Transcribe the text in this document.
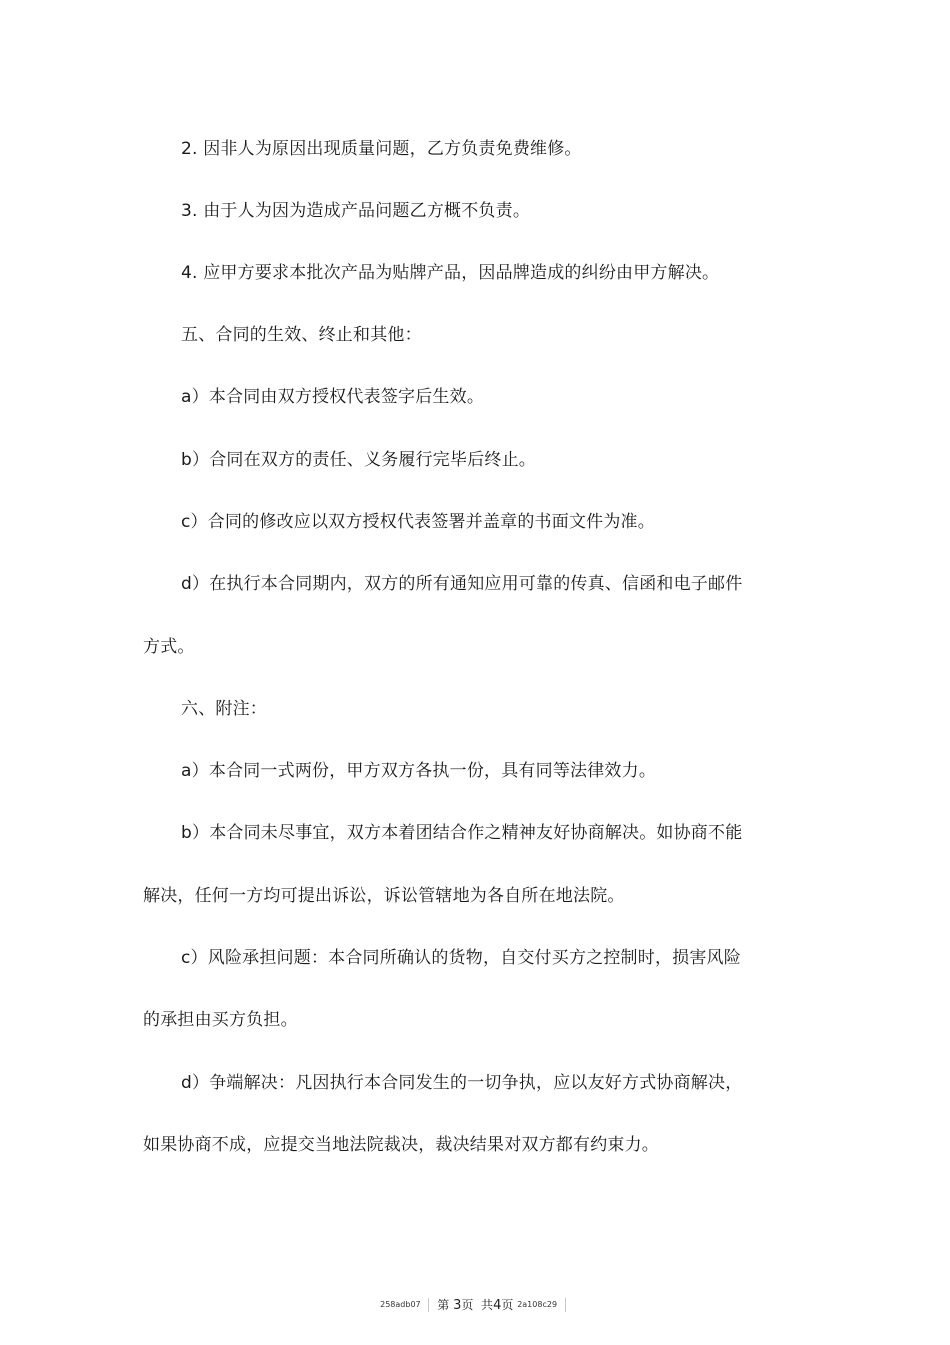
2. 因非人为原因出现质量问题，乙方负责免费维修。
3. 由于人为因为造成产品问题乙方概不负责。
4. 应甲方要求本批次产品为贴牌产品，因品牌造成的纠纷由甲方解决。
五、合同的生效、终止和其他：
a）本合同由双方授权代表签字后生效。
b）合同在双方的责任、义务履行完毕后终止。
c）合同的修改应以双方授权代表签署并盖章的书面文件为准。
d）在执行本合同期内，双方的所有通知应用可靠的传真、信函和电子邮件
方式。
六、附注：
a）本合同一式两份，甲方双方各执一份，具有同等法律效力。
b）本合同未尽事宜，双方本着团结合作之精神友好协商解决。如协商不能
解决，任何一方均可提出诉讼，诉讼管辖地为各自所在地法院。
c）风险承担问题：本合同所确认的货物，自交付买方之控制时，损害风险
的承担由买方负担。
d）争端解决：凡因执行本合同发生的一切争执，应以友好方式协商解决，
如果协商不成，应提交当地法院裁决，裁决结果对双方都有约束力。
258adb07 第 3页  共4页 2a108c29
